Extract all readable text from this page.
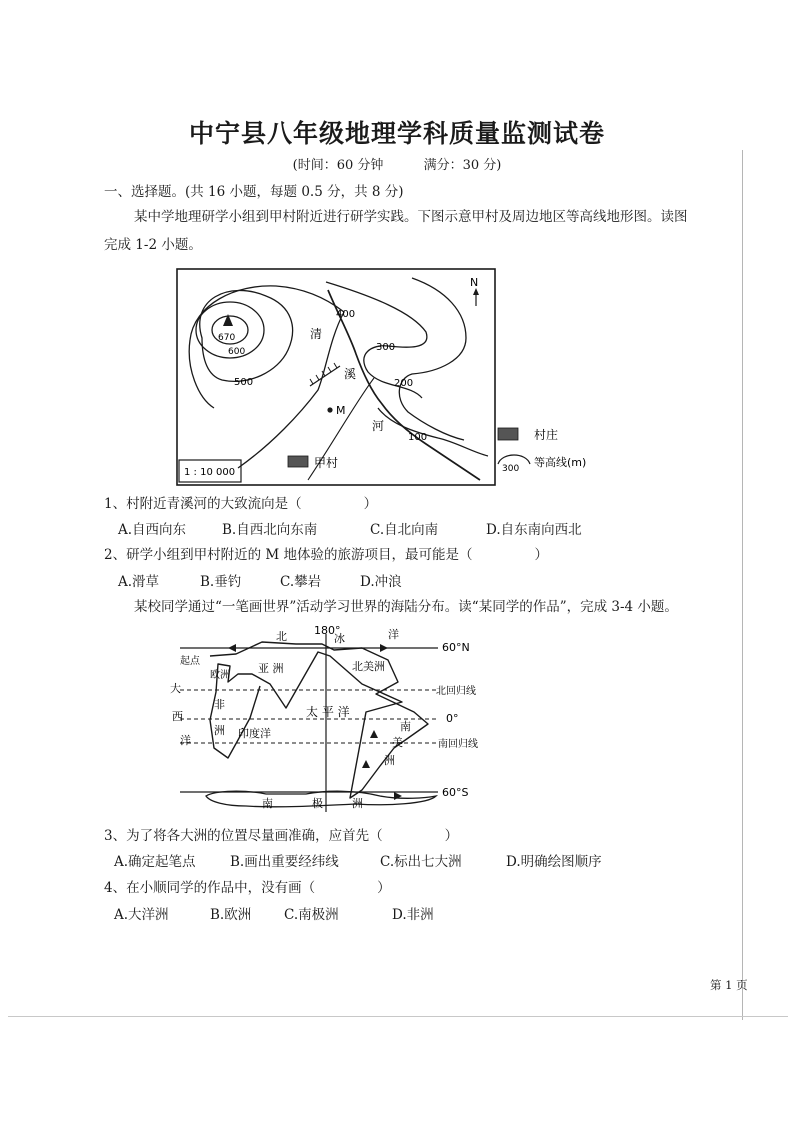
中宁县八年级地理学科质量监测试卷
(时间：60 分钟	满分：30 分)
一、选择题。(共 16 小题，每题 0.5 分，共 8 分)
某中学地理研学小组到甲村附近进行研学实践。下图示意甲村及周边地区等高线地形图。读图
完成 1-2 小题。
670
600
500
400
300
200
100
清
溪
河
N
M
甲村
1 : 10 000
村庄
300 等高线(m)
1、村附近青溪河的大致流向是（	）
A.自西向东	B.自西北向东南	C.自北向南	D.自东南向西北
2、研学小组到甲村附近的 M 地体验的旅游项目，最可能是（	）
A.滑草	B.垂钓	C.攀岩	D.冲浪
某校同学通过“一笔画世界”活动学习世界的海陆分布。读“某同学的作品”，完成 3-4 小题。
180°
60°N
北回归线
0°
南回归线
60°S
北	冰	洋
大
西
洋
起点
欧洲
亚 洲
非
洲 印度洋
太 平 洋
北美洲
南
美
洲
南	极	洲
3、为了将各大洲的位置尽量画准确，应首先（	）
A.确定起笔点	B.画出重要经纬线	C.标出七大洲	D.明确绘图顺序
4、在小顺同学的作品中，没有画（	）
A.大洋洲	B.欧洲 C.南极洲	D.非洲
第 1 页
